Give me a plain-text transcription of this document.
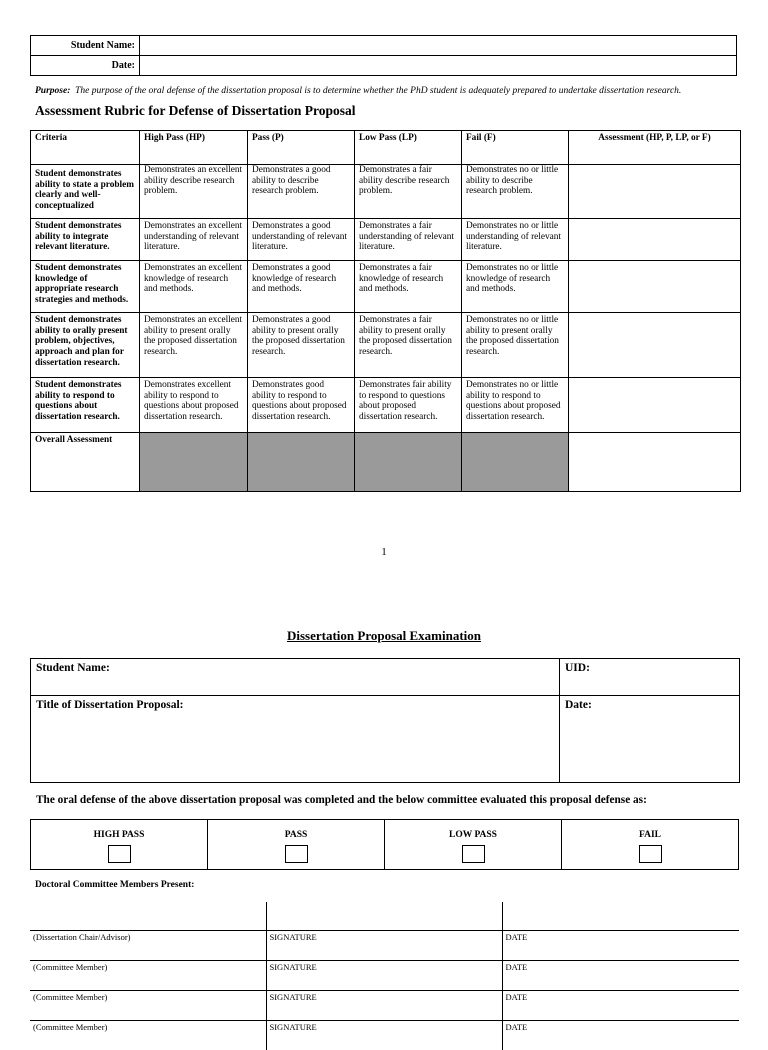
Student Name:	
Date:	
Purpose: The purpose of the oral defense of the dissertation proposal is to determine whether the PhD student is adequately prepared to undertake dissertation research.
Assessment Rubric for Defense of Dissertation Proposal
Criteria	High Pass (HP)	Pass (P)	Low Pass (LP)	Fail (F)	Assessment (HP, P, LP, or F)
Student demonstrates ability to state a problem clearly and well-conceptualized	Demonstrates an excellent ability describe research problem.	Demonstrates a good ability to describe research problem.	Demonstrates a fair ability describe research problem.	Demonstrates no or little ability to describe research problem.	
Student demonstrates ability to integrate relevant literature.	Demonstrates an excellent understanding of relevant literature.	Demonstrates a good understanding of relevant literature.	Demonstrates a fair understanding of relevant literature.	Demonstrates no or little understanding of relevant literature.	
Student demonstrates knowledge of appropriate research strategies and methods.	Demonstrates an excellent knowledge of research and methods.	Demonstrates a good knowledge of research and methods.	Demonstrates a fair knowledge of research and methods.	Demonstrates no or little knowledge of research and methods.	
Student demonstrates ability to orally present problem, objectives, approach and plan for dissertation research.	Demonstrates an excellent ability to present orally the proposed dissertation research.	Demonstrates a good ability to present orally the proposed dissertation research.	Demonstrates a fair ability to present orally the proposed dissertation research.	Demonstrates no or little ability to present orally the proposed dissertation research.	
Student demonstrates ability to respond to questions about dissertation research.	Demonstrates excellent ability to respond to questions about proposed dissertation research.	Demonstrates good ability to respond to questions about proposed dissertation research.	Demonstrates fair ability to respond to questions about proposed dissertation research.	Demonstrates no or little ability to respond to questions about proposed dissertation research.	
Overall Assessment					
1
Dissertation Proposal Examination
Student Name:	UID:
Title of Dissertation Proposal:	Date:
The oral defense of the above dissertation proposal was completed and the below committee evaluated this proposal defense as:
HIGH PASS	PASS	LOW PASS	FAIL
Doctoral Committee Members Present:

(Dissertation Chair/Advisor)	SIGNATURE	DATE
(Committee Member)	SIGNATURE	DATE
(Committee Member)	SIGNATURE	DATE
(Committee Member)	SIGNATURE	DATE
